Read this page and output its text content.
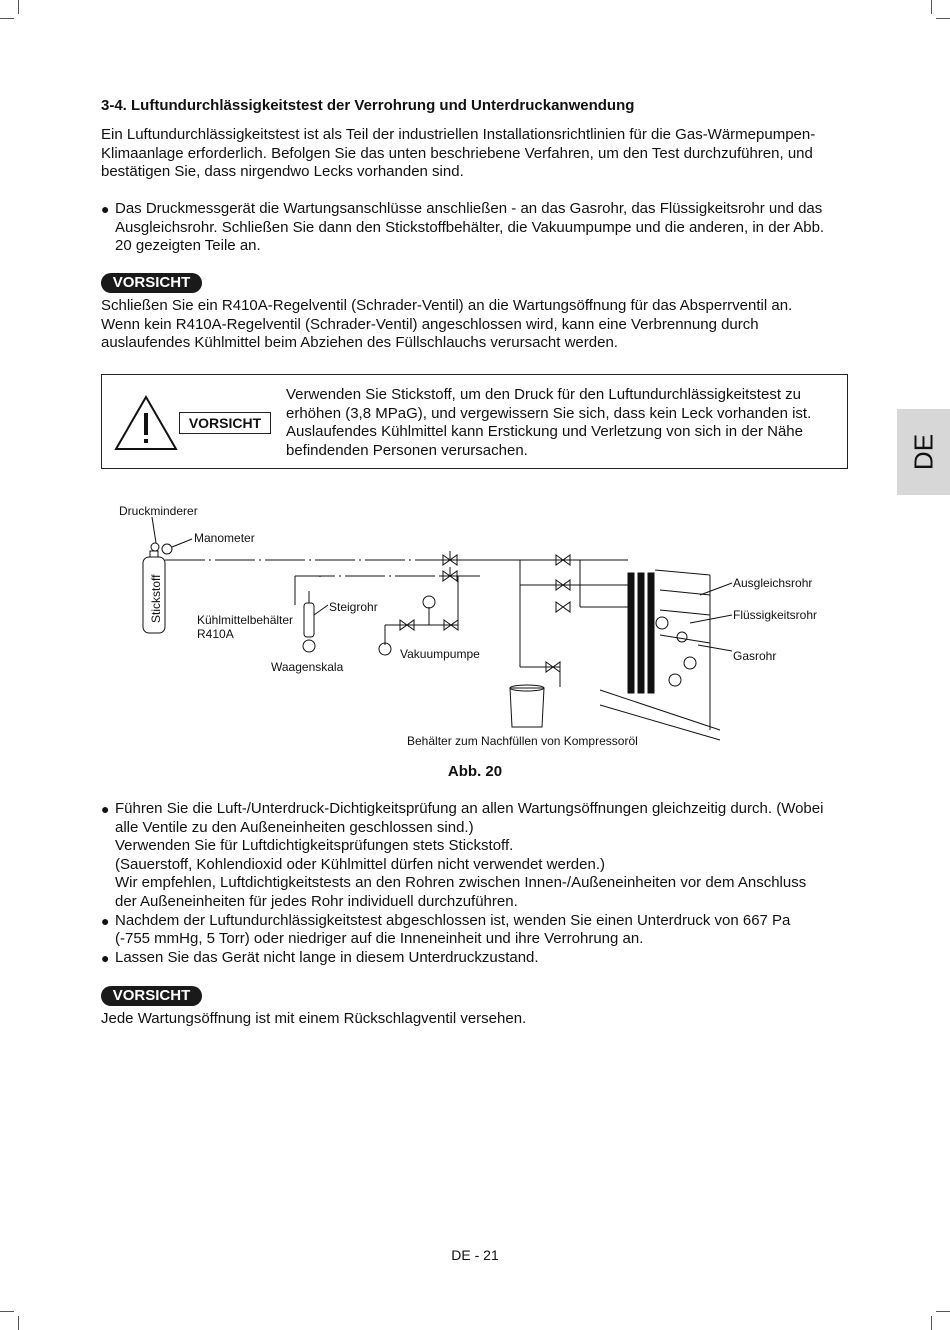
3-4. Luftundurchlässigkeitstest der Verrohrung und Unterdruckanwendung

Ein Luftundurchlässigkeitstest ist als Teil der industriellen Installationsrichtlinien für die Gas-Wärmepumpen-
Klimaanlage erforderlich. Befolgen Sie das unten beschriebene Verfahren, um den Test durchzuführen, und
bestätigen Sie, dass nirgendwo Lecks vorhanden sind.

● Das Druckmessgerät die Wartungsanschlüsse anschließen - an das Gasrohr, das Flüssigkeitsrohr und das
Ausgleichsrohr. Schließen Sie dann den Stickstoffbehälter, die Vakuumpumpe und die anderen, in der Abb.
20 gezeigten Teile an.
VORSICHT

Schließen Sie ein R410A-Regelventil (Schrader-Ventil) an die Wartungsöffnung für das Absperrventil an.
Wenn kein R410A-Regelventil (Schrader-Ventil) angeschlossen wird, kann eine Verbrennung durch
auslaufendes Kühlmittel beim Abziehen des Füllschlauchs verursacht werden.

VORSICHT
Verwenden Sie Stickstoff, um den Druck für den Luftundurchlässigkeitstest zu
erhöhen (3,8 MPaG), und vergewissern Sie sich, dass kein Leck vorhanden ist.
Auslaufendes Kühlmittel kann Erstickung und Verletzung von sich in der Nähe
befindenden Personen verursachen.	DE
Druckminderer
Manometer
Stickstoff	Kühlmittelbehälter
R410A
Steigrohr
Waagenskala
Vakuumpumpe
Ausgleichsrohr
Flüssigkeitsrohr
Gasrohr
Behälter zum Nachfüllen von Kompressoröl
Abb. 20
● Führen Sie die Luft-/Unterdruck-Dichtigkeitsprüfung an allen Wartungsöffnungen gleichzeitig durch. (Wobei
alle Ventile zu den Außeneinheiten geschlossen sind.)
Verwenden Sie für Luftdichtigkeitsprüfungen stets Stickstoff.
(Sauerstoff, Kohlendioxid oder Kühlmittel dürfen nicht verwendet werden.)
Wir empfehlen, Luftdichtigkeitstests an den Rohren zwischen Innen-/Außeneinheiten vor dem Anschluss
der Außeneinheiten für jedes Rohr individuell durchzuführen.
● Nachdem der Luftundurchlässigkeitstest abgeschlossen ist, wenden Sie einen Unterdruck von 667 Pa
(-755 mmHg, 5 Torr) oder niedriger auf die Inneneinheit und ihre Verrohrung an.
● Lassen Sie das Gerät nicht lange in diesem Unterdruckzustand.
VORSICHT

Jede Wartungsöffnung ist mit einem Rückschlagventil versehen.

DE - 21
